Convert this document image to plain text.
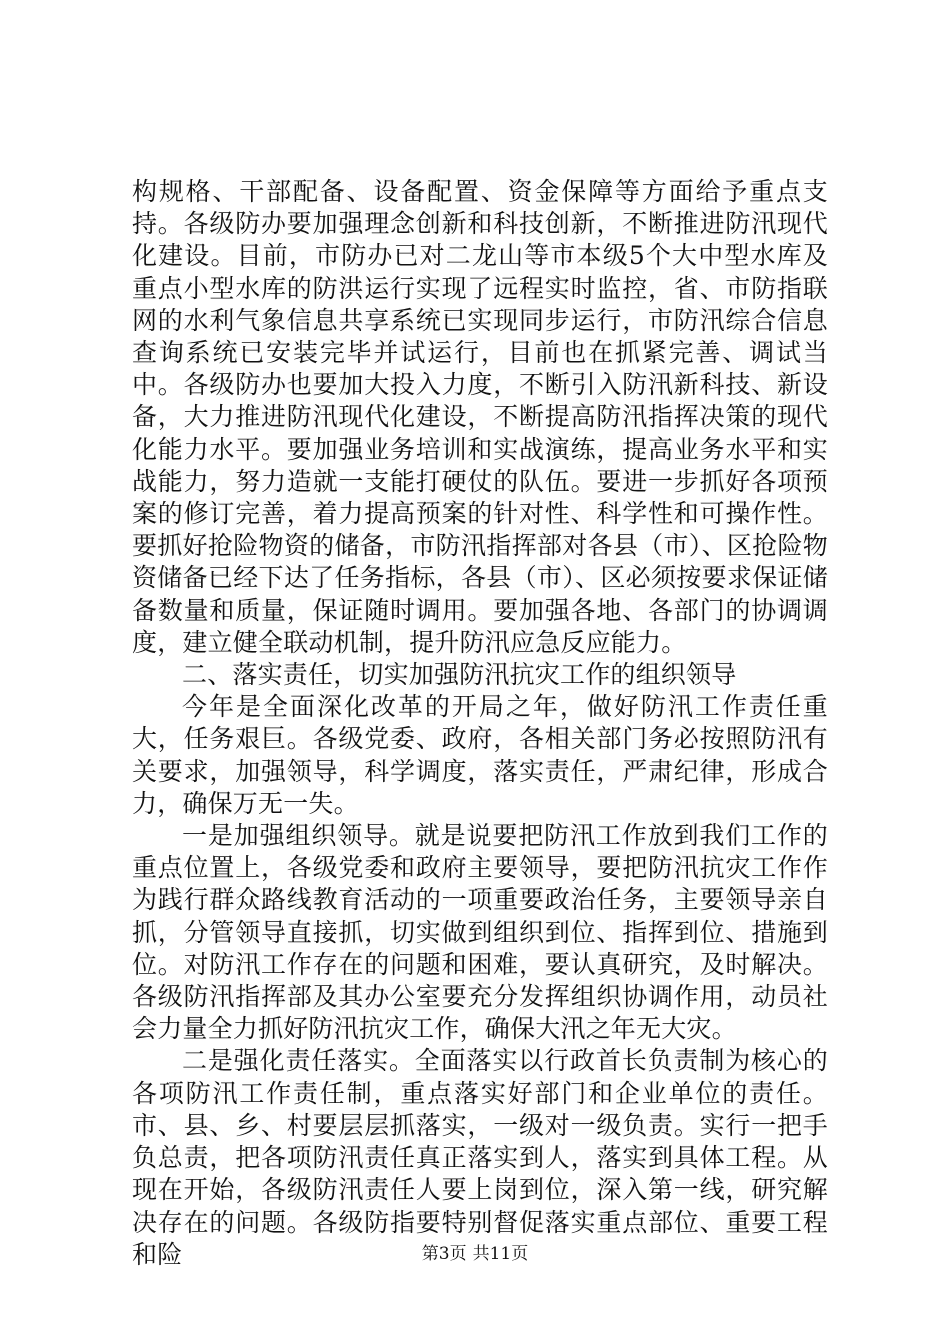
构规格、干部配备、设备配置、资金保障等方面给予重点支持。各级防办要加强理念创新和科技创新，不断推进防汛现代化建设。目前，市防办已对二龙山等市本级5个大中型水库及重点小型水库的防洪运行实现了远程实时监控，省、市防指联网的水利气象信息共享系统已实现同步运行，市防汛综合信息查询系统已安装完毕并试运行，目前也在抓紧完善、调试当中。各级防办也要加大投入力度，不断引入防汛新科技、新设备，大力推进防汛现代化建设，不断提高防汛指挥决策的现代化能力水平。要加强业务培训和实战演练，提高业务水平和实战能力，努力造就一支能打硬仗的队伍。要进一步抓好各项预案的修订完善，着力提高预案的针对性、科学性和可操作性。要抓好抢险物资的储备，市防汛指挥部对各县（市）、区抢险物资储备已经下达了任务指标，各县（市）、区必须按要求保证储备数量和质量，保证随时调用。要加强各地、各部门的协调调度，建立健全联动机制，提升防汛应急反应能力。

二、落实责任，切实加强防汛抗灾工作的组织领导

今年是全面深化改革的开局之年，做好防汛工作责任重大，任务艰巨。各级党委、政府，各相关部门务必按照防汛有关要求，加强领导，科学调度，落实责任，严肃纪律，形成合力，确保万无一失。

一是加强组织领导。就是说要把防汛工作放到我们工作的重点位置上，各级党委和政府主要领导，要把防汛抗灾工作作为践行群众路线教育活动的一项重要政治任务，主要领导亲自抓，分管领导直接抓，切实做到组织到位、指挥到位、措施到位。对防汛工作存在的问题和困难，要认真研究，及时解决。各级防汛指挥部及其办公室要充分发挥组织协调作用，动员社会力量全力抓好防汛抗灾工作，确保大汛之年无大灾。

二是强化责任落实。全面落实以行政首长负责制为核心的各项防汛工作责任制，重点落实好部门和企业单位的责任。市、县、乡、村要层层抓落实，一级对一级负责。实行一把手负总责，把各项防汛责任真正落实到人，落实到具体工程。从现在开始，各级防汛责任人要上岗到位，深入第一线，研究解决存在的问题。各级防指要特别督促落实重点部位、重要工程和险	第3页 共11页
